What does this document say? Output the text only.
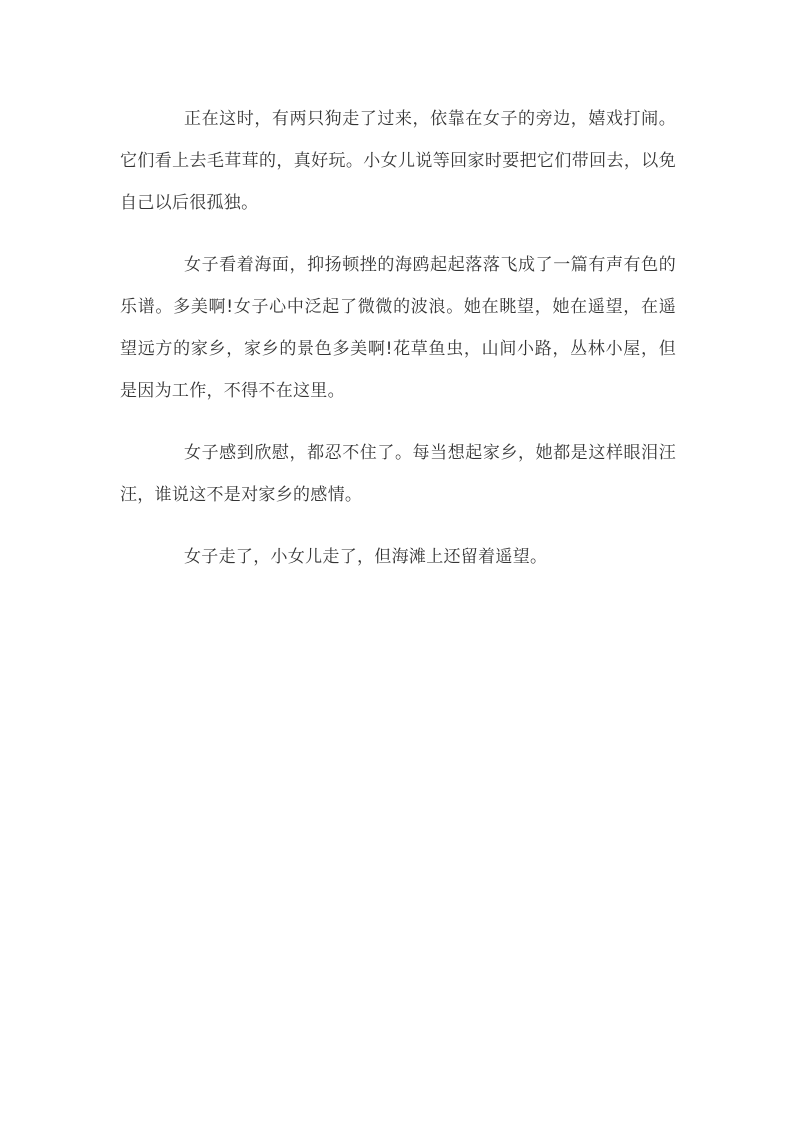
正在这时，有两只狗走了过来，依靠在女子的旁边，嬉戏打闹。它们看上去毛茸茸的，真好玩。小女儿说等回家时要把它们带回去，以免自己以后很孤独。

女子看着海面，抑扬顿挫的海鸥起起落落飞成了一篇有声有色的乐谱。多美啊!女子心中泛起了微微的波浪。她在眺望，她在遥望，在遥望远方的家乡，家乡的景色多美啊!花草鱼虫，山间小路，丛林小屋，但是因为工作，不得不在这里。

女子感到欣慰，都忍不住了。每当想起家乡，她都是这样眼泪汪汪，谁说这不是对家乡的感情。

女子走了，小女儿走了，但海滩上还留着遥望。
